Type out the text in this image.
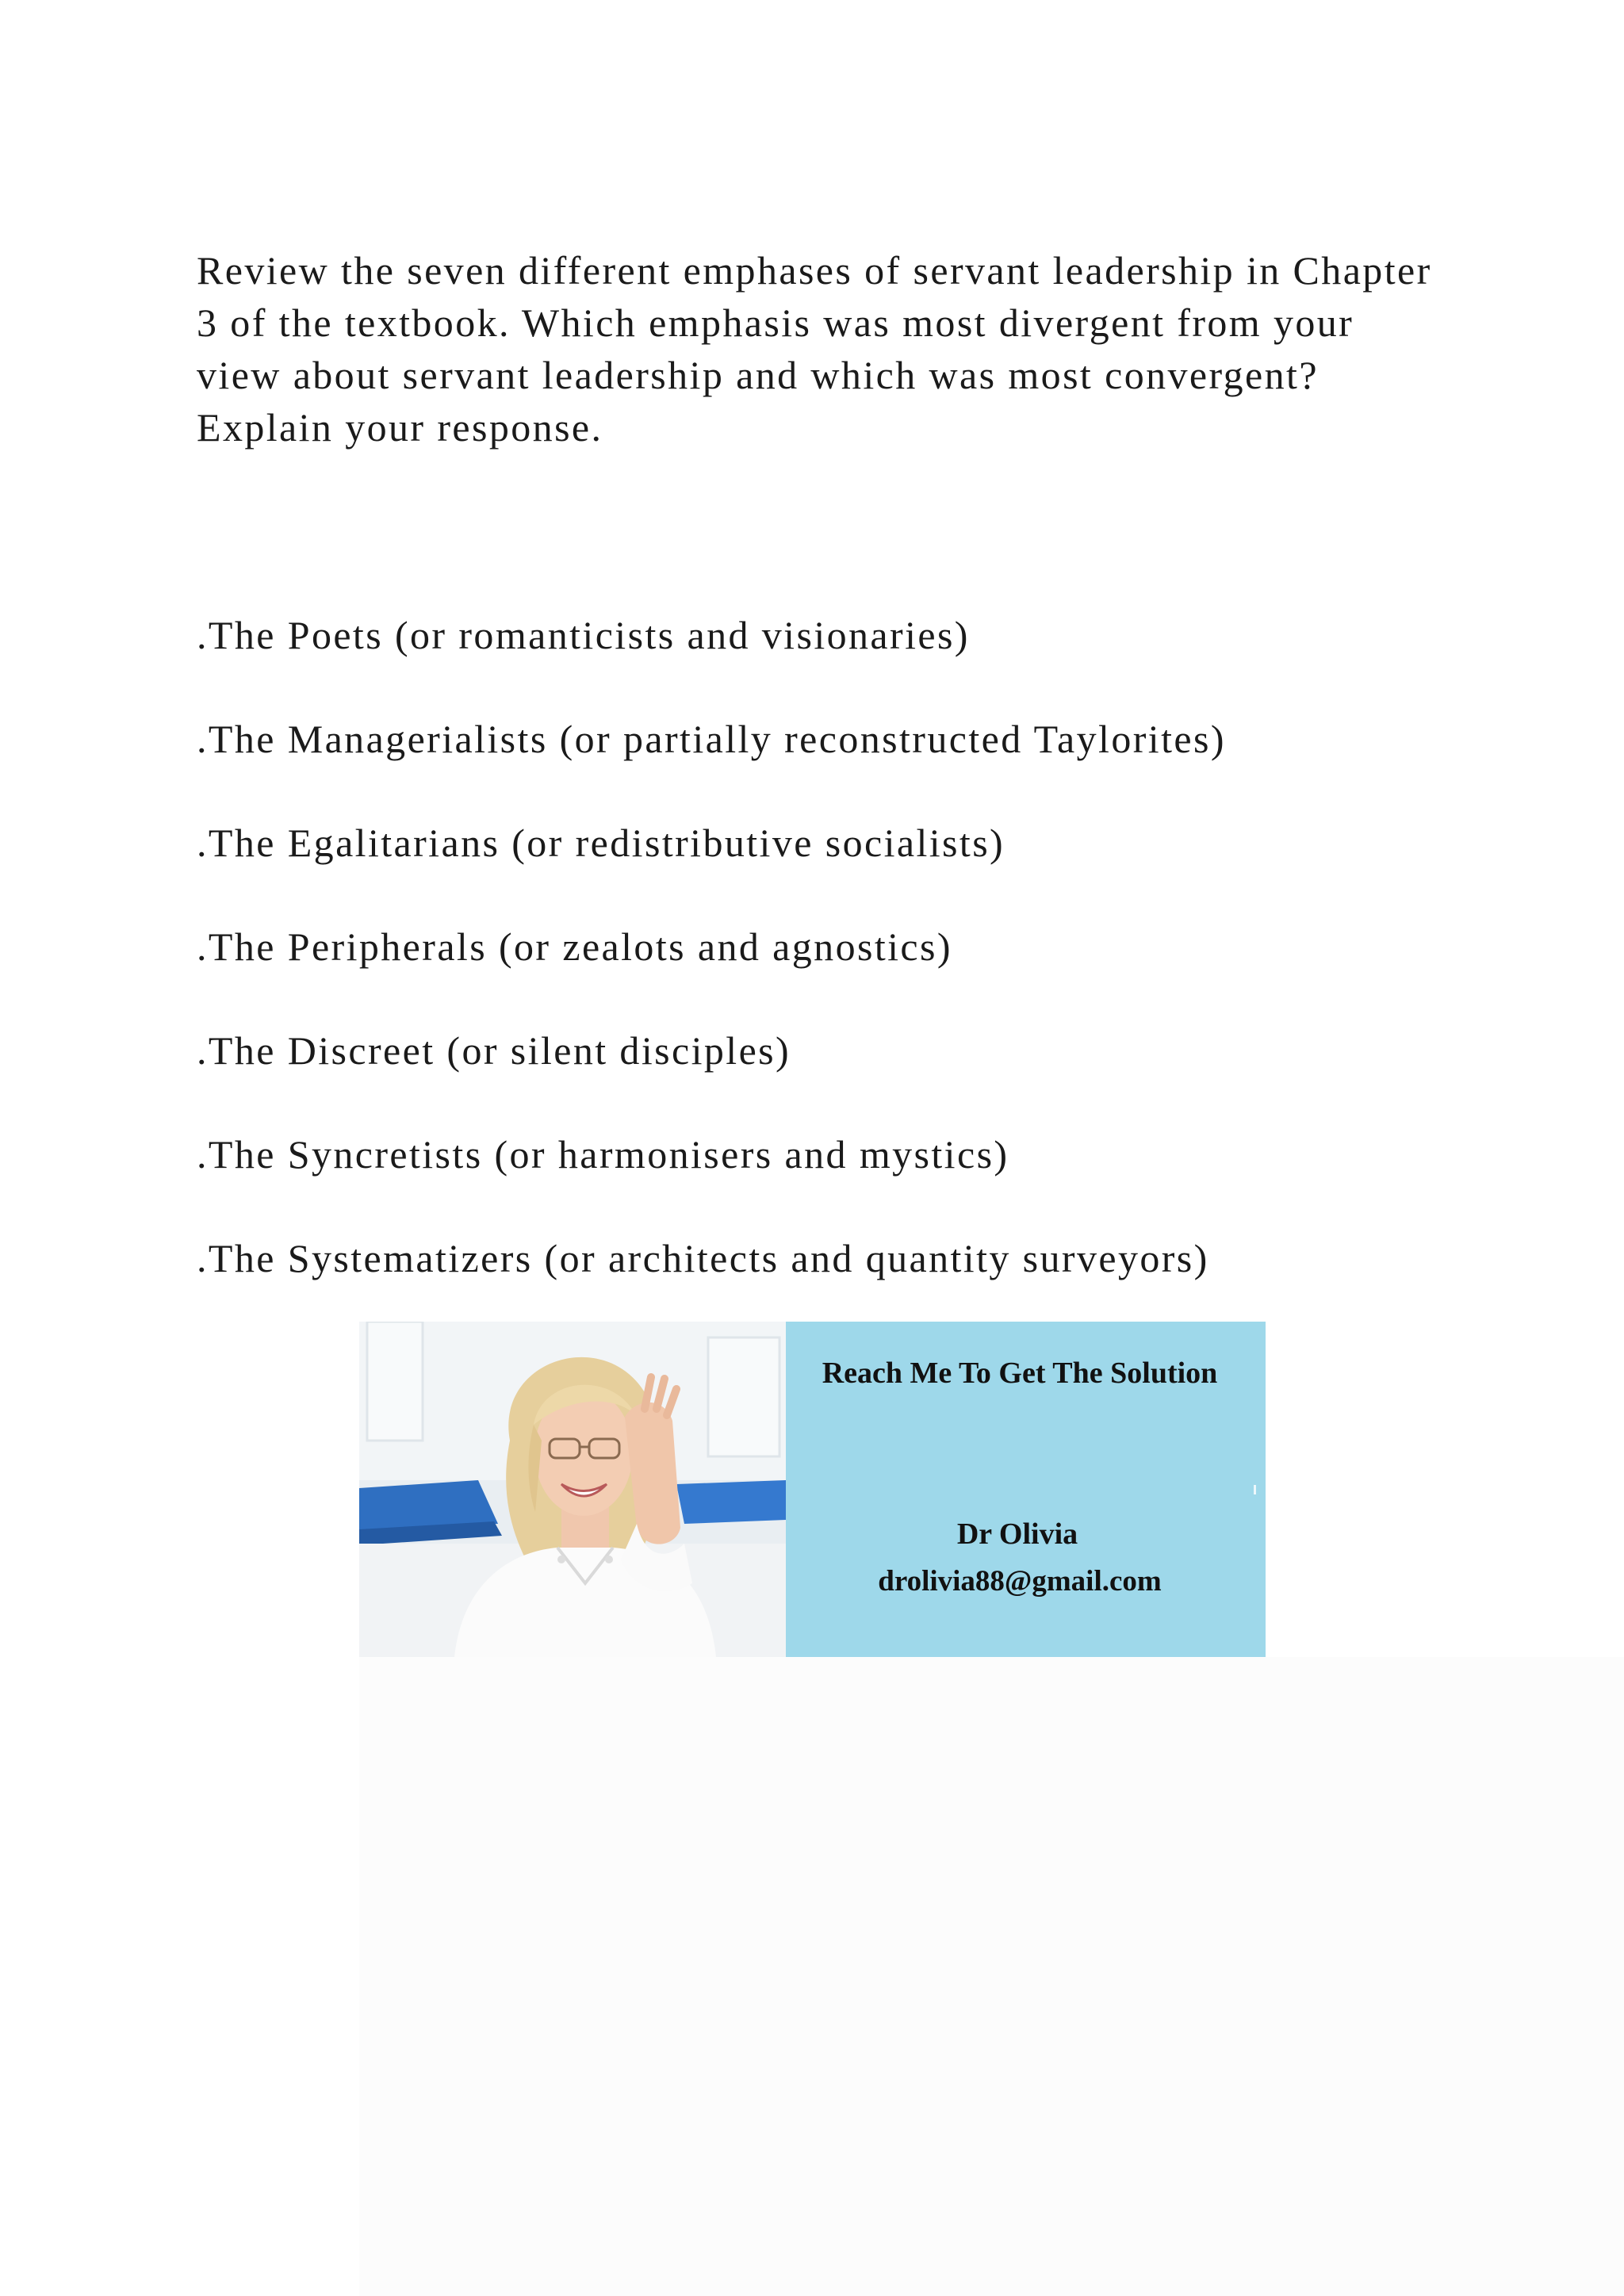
Review the seven different emphases of servant leadership in Chapter 3 of the textbook. Which emphasis was most divergent from your view about servant leadership and which was most convergent? Explain your response.

.The Poets (or romanticists and visionaries)
.The Managerialists (or partially reconstructed Taylorites)
.The Egalitarians (or redistributive socialists)
.The Peripherals (or zealots and agnostics)
.The Discreet (or silent disciples)
.The Syncretists (or harmonisers and mystics)
.The Systematizers (or architects and quantity surveyors)
Reach Me To Get The Solution
Dr Olivia
drolivia88@gmail.com
